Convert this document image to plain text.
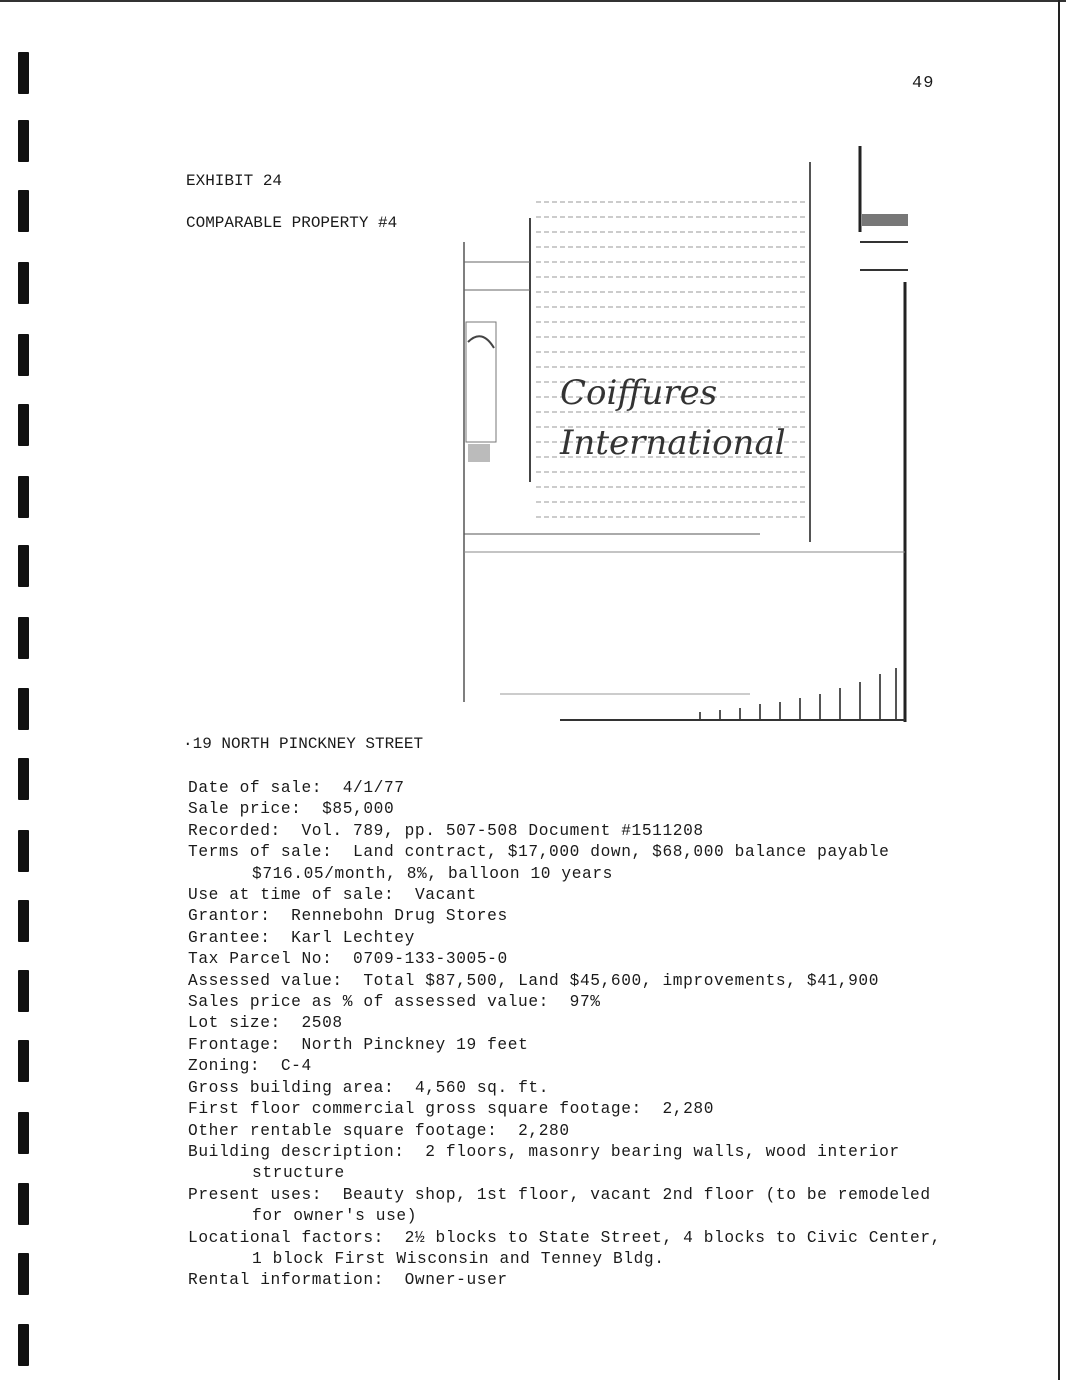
49
EXHIBIT 24
COMPARABLE PROPERTY #4
Coiffures
International
·19 NORTH PINCKNEY STREET
Date of sale: 4/1/77
Sale price: $85,000
Recorded: Vol. 789, pp. 507-508 Document #1511208
Terms of sale: Land contract, $17,000 down, $68,000 balance payable
$716.05/month, 8%, balloon 10 years
Use at time of sale: Vacant
Grantor: Rennebohn Drug Stores
Grantee: Karl Lechtey
Tax Parcel No: 0709-133-3005-0
Assessed value: Total $87,500, Land $45,600, improvements, $41,900
Sales price as % of assessed value: 97%
Lot size: 2508
Frontage: North Pinckney 19 feet
Zoning: C-4
Gross building area: 4,560 sq. ft.
First floor commercial gross square footage: 2,280
Other rentable square footage: 2,280
Building description: 2 floors, masonry bearing walls, wood interior
structure
Present uses: Beauty shop, 1st floor, vacant 2nd floor (to be remodeled
for owner's use)
Locational factors: 2½ blocks to State Street, 4 blocks to Civic Center,
1 block First Wisconsin and Tenney Bldg.
Rental information: Owner-user
